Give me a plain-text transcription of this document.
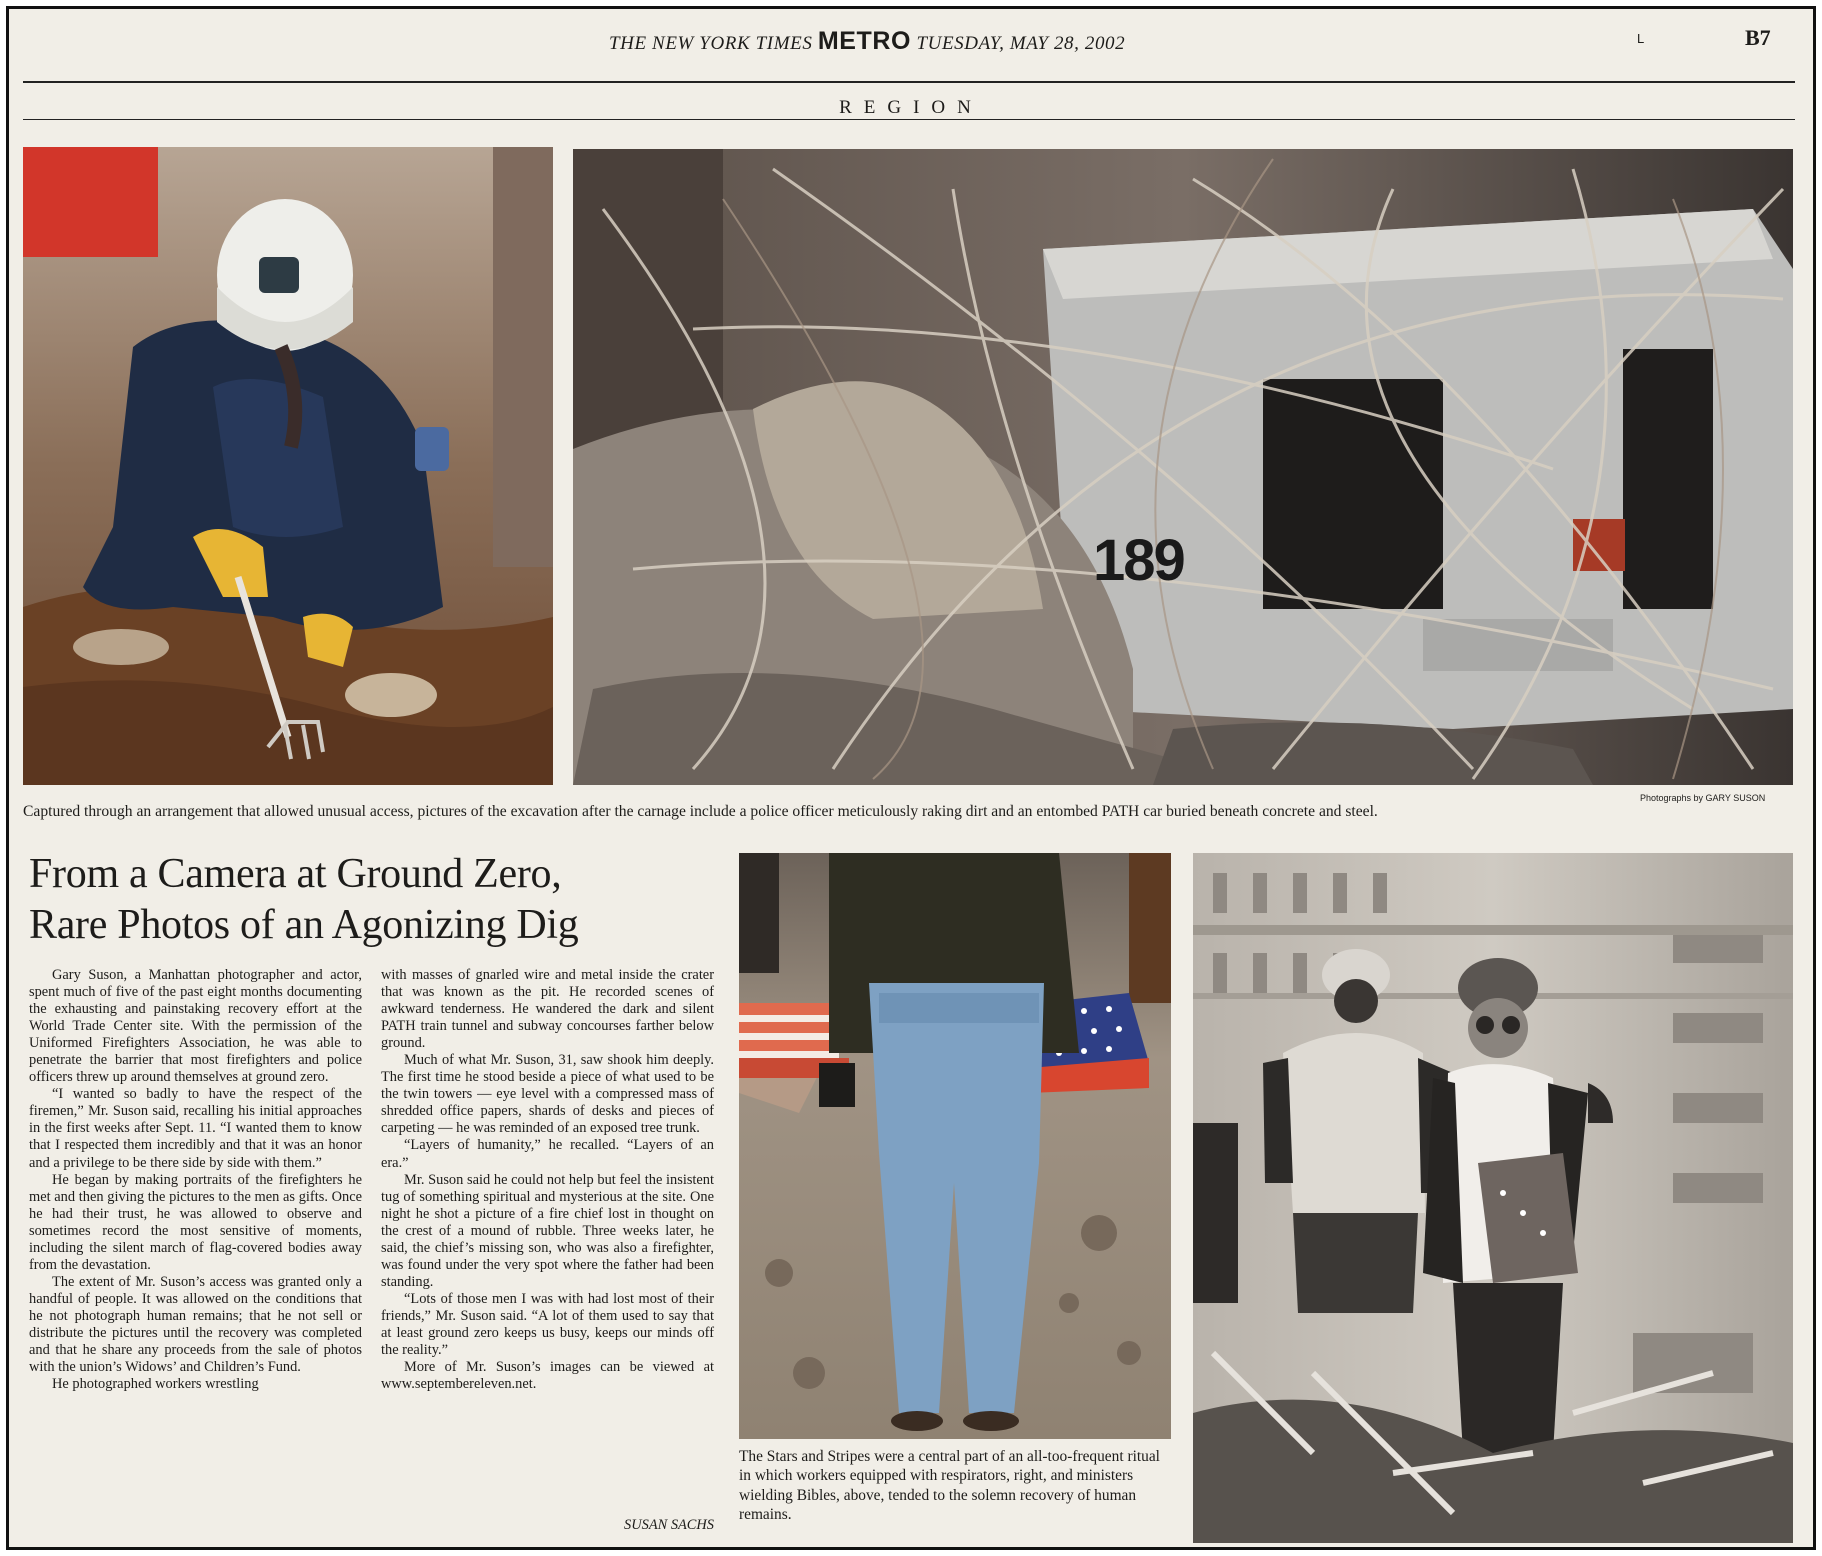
THE NEW YORK TIMES METRO TUESDAY, MAY 28, 2002	L	B7
REGION
189
Photographs by GARY SUSON
Captured through an arrangement that allowed unusual access, pictures of the excavation after the carnage include a police officer meticulously raking dirt and an entombed PATH car buried beneath concrete and steel.
From a Camera at Ground Zero,
Rare Photos of an Agonizing Dig

Gary Suson, a Manhattan photographer and actor, spent much of five of the past eight months documenting the exhausting and painstaking recovery effort at the World Trade Center site. With the permission of the Uniformed Firefighters Association, he was able to penetrate the barrier that most firefighters and police officers threw up around themselves at ground zero.

“I wanted so badly to have the respect of the firemen,” Mr. Suson said, recalling his initial approaches in the first weeks after Sept. 11. “I wanted them to know that I respected them incredibly and that it was an honor and a privilege to be there side by side with them.”

He began by making portraits of the firefighters he met and then giving the pictures to the men as gifts. Once he had their trust, he was allowed to observe and sometimes record the most sensitive of moments, including the silent march of flag-covered bodies away from the devastation.

The extent of Mr. Suson’s access was granted only a handful of people. It was allowed on the conditions that he not photograph human remains; that he not sell or distribute the pictures until the recovery was completed and that he share any proceeds from the sale of photos with the union’s Widows’ and Children’s Fund.

He photographed workers wrestling

with masses of gnarled wire and metal inside the crater that was known as the pit. He recorded scenes of awkward tenderness. He wandered the dark and silent PATH train tunnel and subway concourses farther below ground.

Much of what Mr. Suson, 31, saw shook him deeply. The first time he stood beside a piece of what used to be the twin towers — eye level with a compressed mass of shredded office papers, shards of desks and pieces of carpeting — he was reminded of an exposed tree trunk.

“Layers of humanity,” he recalled. “Layers of an era.”

Mr. Suson said he could not help but feel the insistent tug of something spiritual and mysterious at the site. One night he shot a picture of a fire chief lost in thought on the crest of a mound of rubble. Three weeks later, he said, the chief’s missing son, who was also a firefighter, was found under the very spot where the father had been standing.

“Lots of those men I was with had lost most of their friends,” Mr. Suson said. “A lot of them used to say that at least ground zero keeps us busy, keeps our minds off the reality.”

More of Mr. Suson’s images can be viewed at www.septembereleven.net.

SUSAN SACHS
The Stars and Stripes were a central part of an all-too-frequent ritual in which workers equipped with respirators, right, and ministers wielding Bibles, above, tended to the solemn recovery of human remains.
